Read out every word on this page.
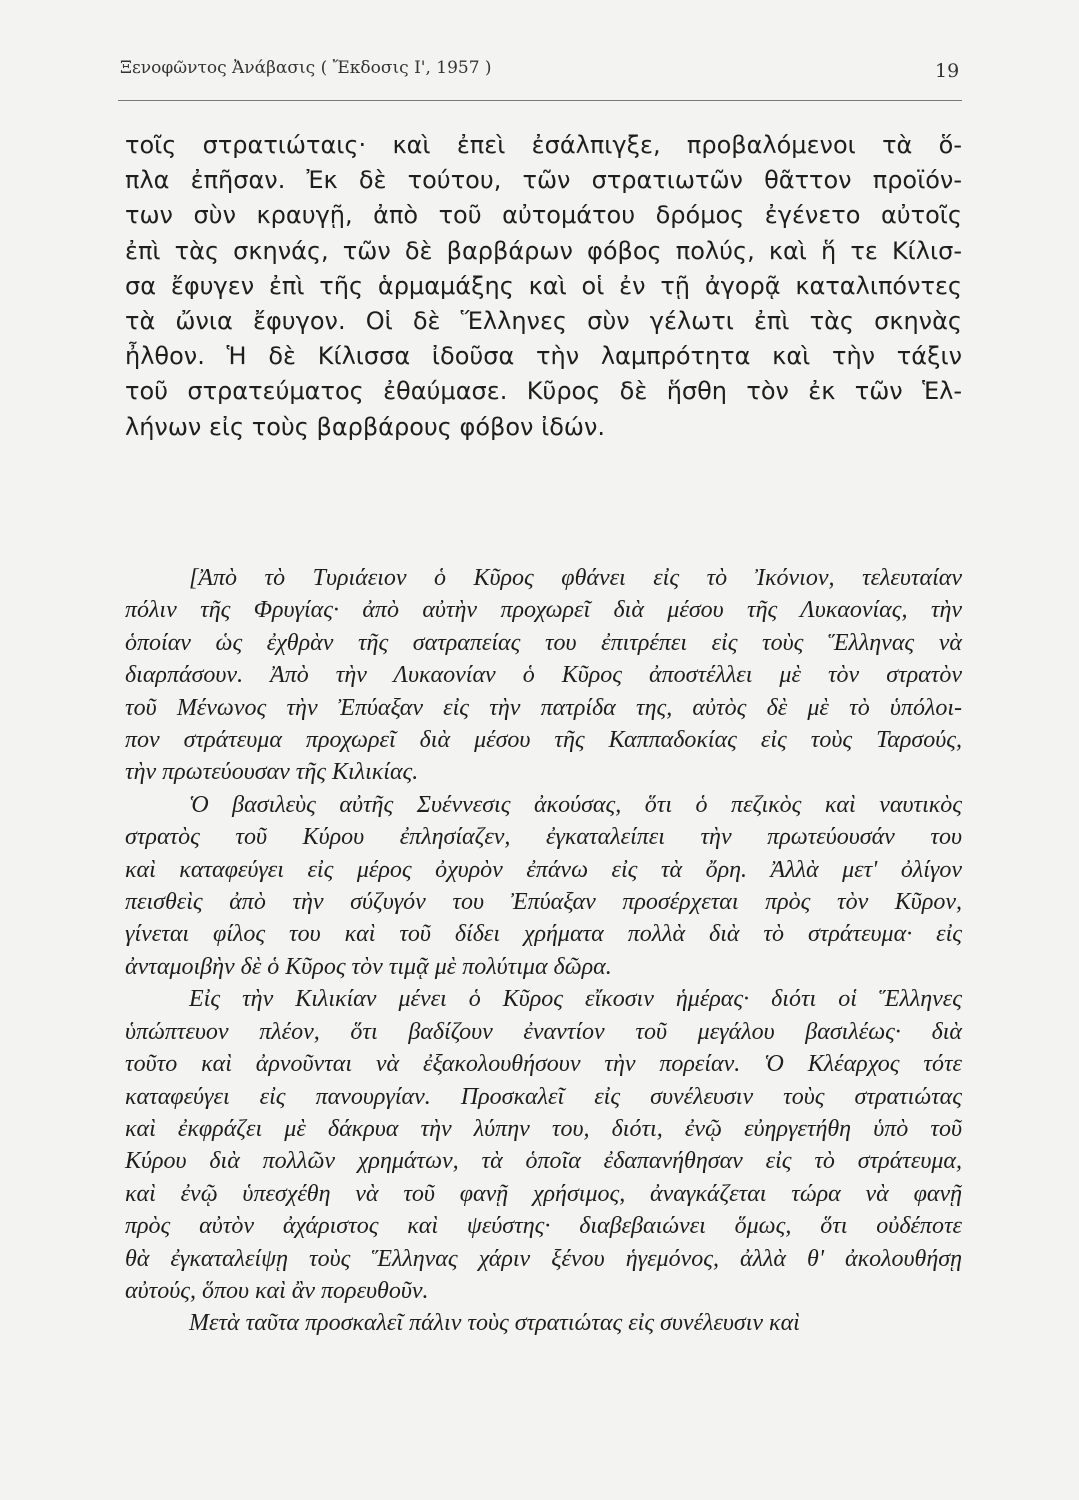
Ξενοφῶντος Ἀνάβασις ( Ἔκδοσις Ι', 1957 )	19
τοῖς στρατιώταις· καὶ ἐπεὶ ἐσάλπιγξε, προβαλόμενοι τὰ ὅ-
πλα ἐπῆσαν. Ἐκ δὲ τούτου, τῶν στρατιωτῶν θᾶττον προϊόν-
των σὺν κραυγῇ, ἀπὸ τοῦ αὐτομάτου δρόμος ἐγένετο αὐτοῖς
ἐπὶ τὰς σκηνάς, τῶν δὲ βαρβάρων φόβος πολύς, καὶ ἥ τε Κίλισ-
σα ἔφυγεν ἐπὶ τῆς ἁρμαμάξης καὶ οἱ ἐν τῇ ἀγορᾷ καταλιπόντες
τὰ ὤνια ἔφυγον. Οἱ δὲ Ἕλληνες σὺν γέλωτι ἐπὶ τὰς σκηνὰς
ἦλθον. Ἡ δὲ Κίλισσα ἰδοῦσα τὴν λαμπρότητα καὶ τὴν τάξιν
τοῦ στρατεύματος ἐθαύμασε. Κῦρος δὲ ἥσθη τὸν ἐκ τῶν Ἑλ-
λήνων εἰς τοὺς βαρβάρους φόβον ἰδών.
[Ἀπὸ τὸ Τυριάειον ὁ Κῦρος φθάνει εἰς τὸ Ἰκόνιον, τελευταίαν
πόλιν τῆς Φρυγίας· ἀπὸ αὐτὴν προχωρεῖ διὰ μέσου τῆς Λυκαονίας, τὴν
ὁποίαν ὡς ἐχθρὰν τῆς σατραπείας του ἐπιτρέπει εἰς τοὺς Ἕλληνας νὰ
διαρπάσουν. Ἀπὸ τὴν Λυκαονίαν ὁ Κῦρος ἀποστέλλει μὲ τὸν στρατὸν
τοῦ Μένωνος τὴν Ἐπύαξαν εἰς τὴν πατρίδα της, αὐτὸς δὲ μὲ τὸ ὑπόλοι-
πον στράτευμα προχωρεῖ διὰ μέσου τῆς Καππαδοκίας εἰς τοὺς Ταρσούς,
τὴν πρωτεύουσαν τῆς Κιλικίας.
Ὁ βασιλεὺς αὐτῆς Συέννεσις ἀκούσας, ὅτι ὁ πεζικὸς καὶ ναυτικὸς
στρατὸς τοῦ Κύρου ἐπλησίαζεν, ἐγκαταλείπει τὴν πρωτεύουσάν του
καὶ καταφεύγει εἰς μέρος ὀχυρὸν ἐπάνω εἰς τὰ ὄρη. Ἀλλὰ μετ' ὀλίγον
πεισθεὶς ἀπὸ τὴν σύζυγόν του Ἐπύαξαν προσέρχεται πρὸς τὸν Κῦρον,
γίνεται φίλος του καὶ τοῦ δίδει χρήματα πολλὰ διὰ τὸ στράτευμα· εἰς
ἀνταμοιβὴν δὲ ὁ Κῦρος τὸν τιμᾷ μὲ πολύτιμα δῶρα.
Εἰς τὴν Κιλικίαν μένει ὁ Κῦρος εἴκοσιν ἡμέρας· διότι οἱ Ἕλληνες
ὑπώπτευον πλέον, ὅτι βαδίζουν ἐναντίον τοῦ μεγάλου βασιλέως· διὰ
τοῦτο καὶ ἀρνοῦνται νὰ ἐξακολουθήσουν τὴν πορείαν. Ὁ Κλέαρχος τότε
καταφεύγει εἰς πανουργίαν. Προσκαλεῖ εἰς συνέλευσιν τοὺς στρατιώτας
καὶ ἐκφράζει μὲ δάκρυα τὴν λύπην του, διότι, ἐνῷ εὐηργετήθη ὑπὸ τοῦ
Κύρου διὰ πολλῶν χρημάτων, τὰ ὁποῖα ἐδαπανήθησαν εἰς τὸ στράτευμα,
καὶ ἐνῷ ὑπεσχέθη νὰ τοῦ φανῇ χρήσιμος, ἀναγκάζεται τώρα νὰ φανῇ
πρὸς αὐτὸν ἀχάριστος καὶ ψεύστης· διαβεβαιώνει ὅμως, ὅτι οὐδέποτε
θὰ ἐγκαταλείψῃ τοὺς Ἕλληνας χάριν ξένου ἡγεμόνος, ἀλλὰ θ' ἀκολουθήσῃ
αὐτούς, ὅπου καὶ ἂν πορευθοῦν.
Μετὰ ταῦτα προσκαλεῖ πάλιν τοὺς στρατιώτας εἰς συνέλευσιν καὶ
